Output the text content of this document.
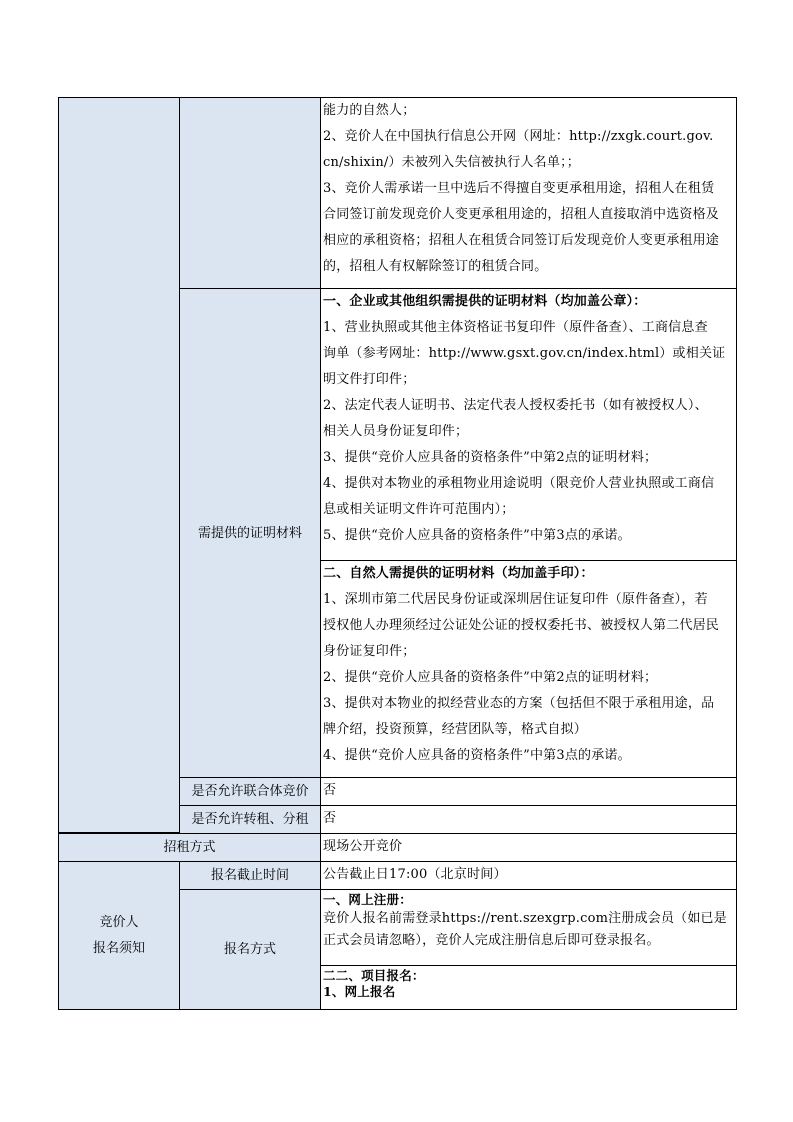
能力的自然人；

2、竞价人在中国执行信息公开网（网址：http://zxgk.court.gov.

cn/shixin/）未被列入失信被执行人名单；；

3、竞价人需承诺一旦中选后不得擅自变更承租用途，招租人在租赁

合同签订前发现竞价人变更承租用途的，招租人直接取消中选资格及

相应的承租资格；招租人在租赁合同签订后发现竞价人变更承租用途

的，招租人有权解除签订的租赁合同。

需提供的证明材料

一、企业或其他组织需提供的证明材料（均加盖公章）：

1、营业执照或其他主体资格证书复印件（原件备查）、工商信息查

询单（参考网址：http://www.gsxt.gov.cn/index.html）或相关证

明文件打印件；

2、法定代表人证明书、法定代表人授权委托书（如有被授权人）、

相关人员身份证复印件；

3、提供“竞价人应具备的资格条件”中第2点的证明材料；

4、提供对本物业的承租物业用途说明（限竞价人营业执照或工商信

息或相关证明文件许可范围内）；

5、提供“竞价人应具备的资格条件”中第3点的承诺。

二、自然人需提供的证明材料（均加盖手印）：

1、深圳市第二代居民身份证或深圳居住证复印件（原件备查），若

授权他人办理须经过公证处公证的授权委托书、被授权人第二代居民

身份证复印件；

2、提供“竞价人应具备的资格条件”中第2点的证明材料；

3、提供对本物业的拟经营业态的方案（包括但不限于承租用途，品

牌介绍，投资预算，经营团队等，格式自拟）

4、提供“竞价人应具备的资格条件”中第3点的承诺。

是否允许联合体竞价 否
是否允许转租、分租 否
招租方式	现场公开竞价
竞价人
报名须知
报名截止时间	公告截止日17:00（北京时间）
报名方式

一、网上注册：

竞价人报名前需登录https://rent.szexgrp.com注册成会员（如已是

正式会员请忽略），竞价人完成注册信息后即可登录报名。

二二、项目报名：

1、网上报名
